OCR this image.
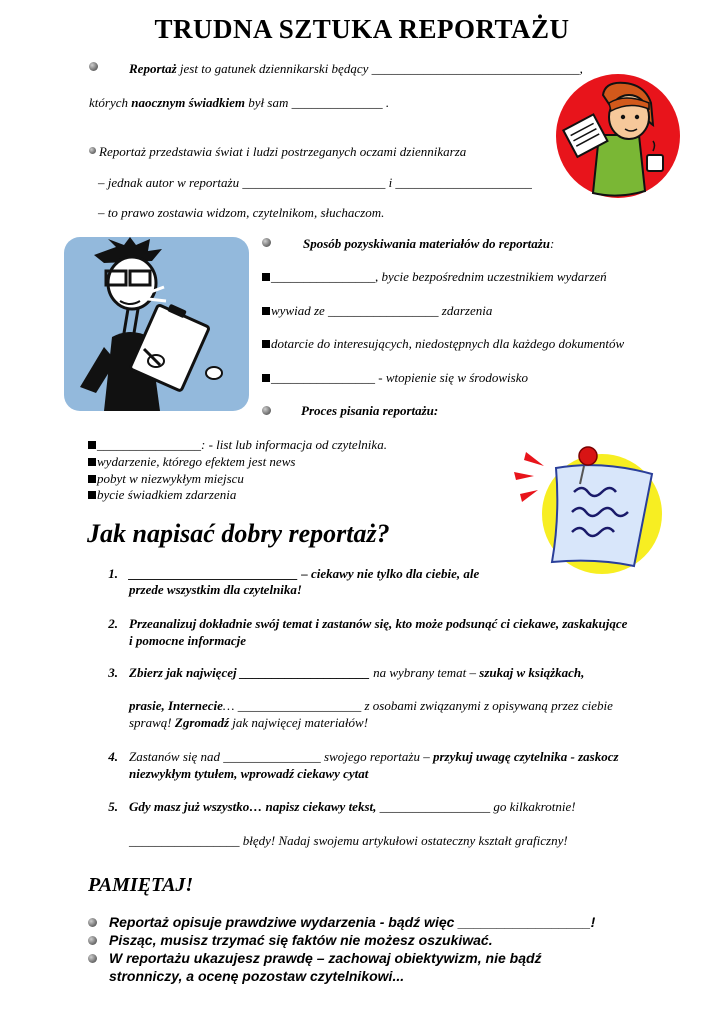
TRUDNA SZTUKA REPORTAŻU
Reportaż jest to gatunek dziennikarski będący ________________________________,
których naocznym świadkiem był sam ______________ .
Reportaż przedstawia świat i ludzi postrzeganych oczami dziennikarza
– jednak autor w reportażu ______________________ i _____________________
– to prawo zostawia widzom, czytelnikom, słuchaczom.
Sposób pozyskiwania materiałów do reportażu:
________________, bycie bezpośrednim uczestnikiem wydarzeń
wywiad ze _________________ zdarzenia
dotarcie do interesujących, niedostępnych dla każdego dokumentów
________________ - wtopienie się w środowisko
Proces pisania reportażu:
________________: - list lub informacja od czytelnika.
wydarzenie, którego efektem jest news
pobyt w niezwykłym miejscu
bycie świadkiem zdarzenia
Jak napisać dobry reportaż?
1. __________________________ – ciekawy nie tylko dla ciebie, ale
przede wszystkim dla czytelnika!
2. Przeanalizuj dokładnie swój temat i zastanów się, kto może podsunąć ci ciekawe, zaskakujące
i pomocne informacje
3. Zbierz jak najwięcej ____________________ na wybrany temat – szukaj w książkach,
prasie, Internecie… ___________________ z osobami związanymi z opisywaną przez ciebie
sprawą! Zgromadź jak najwięcej materiałów!
4. Zastanów się nad _______________ swojego reportażu – przykuj uwagę czytelnika - zaskocz
niezwykłym tytułem, wprowadź ciekawy cytat
5. Gdy masz już wszystko… napisz ciekawy tekst, _________________ go kilkakrotnie!
_________________ błędy! Nadaj swojemu artykułowi ostateczny kształt graficzny!
PAMIĘTAJ!
Reportaż opisuje prawdziwe wydarzenia - bądź więc _________________!
Pisząc, musisz trzymać się faktów nie możesz oszukiwać.
W reportażu ukazujesz prawdę – zachowaj obiektywizm, nie bądź
stronniczy, a ocenę pozostaw czytelnikowi...
